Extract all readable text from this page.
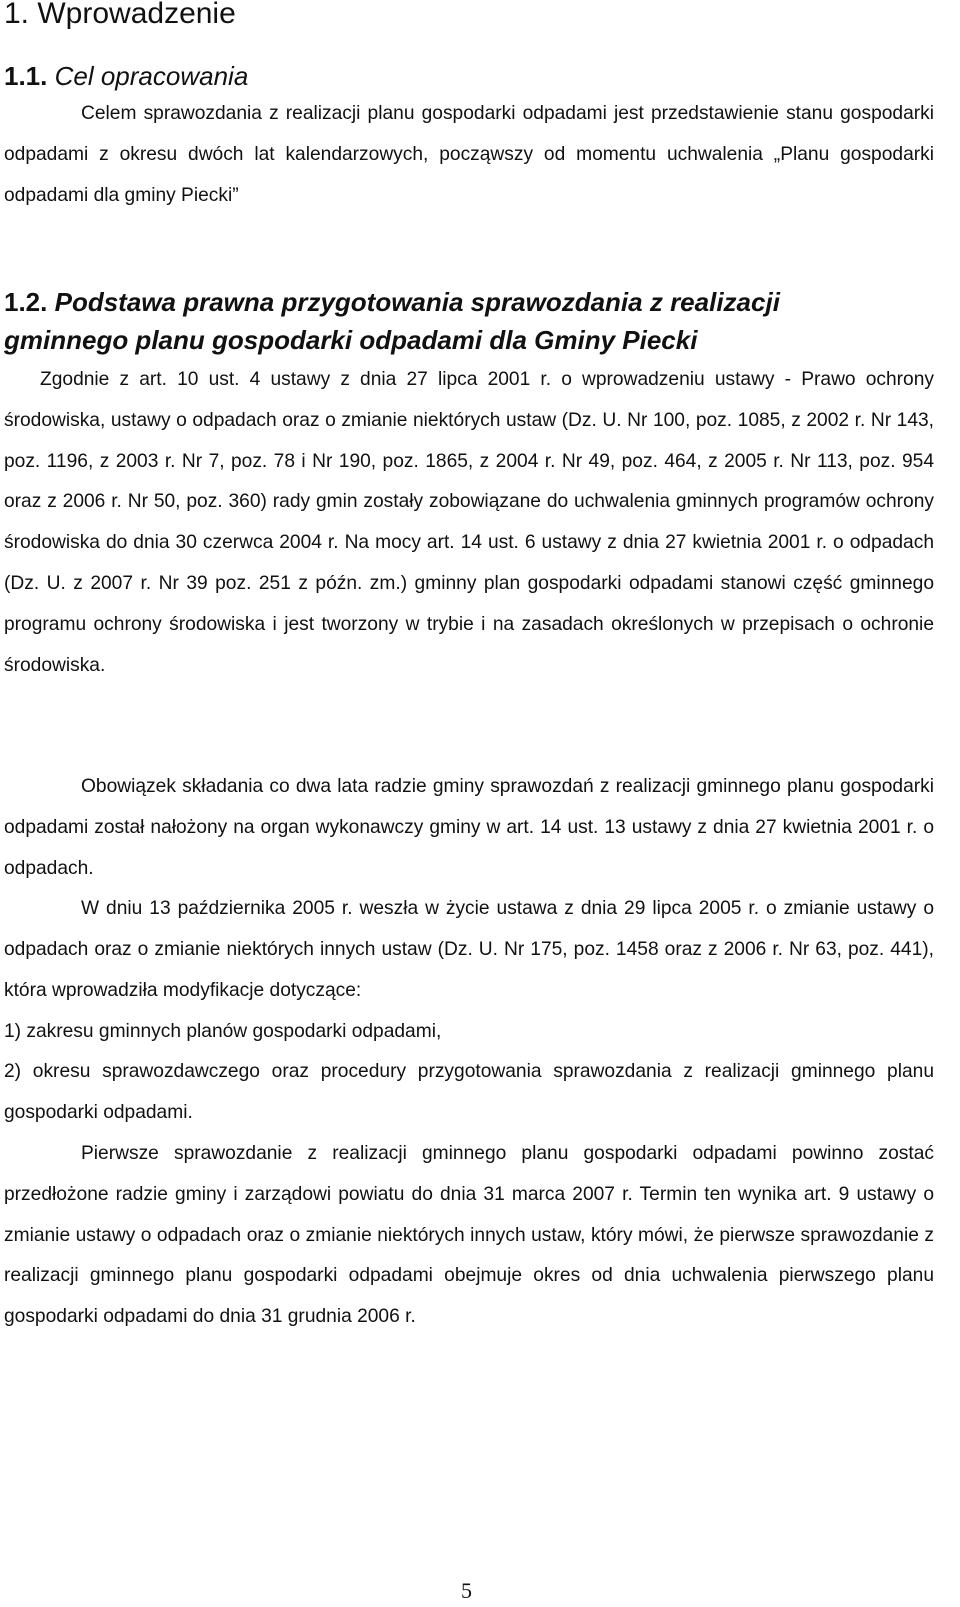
1. Wprowadzenie
1.1. Cel opracowania

Celem sprawozdania z realizacji planu gospodarki odpadami jest przedstawienie stanu gospodarki odpadami z okresu dwóch lat kalendarzowych, począwszy od momentu uchwalenia „Planu gospodarki odpadami dla gminy Piecki”

1.2. Podstawa prawna przygotowania sprawozdania z realizacji
gminnego planu gospodarki odpadami dla Gminy Piecki

Zgodnie z art. 10 ust. 4 ustawy z dnia 27 lipca 2001 r. o wprowadzeniu ustawy - Prawo ochrony środowiska, ustawy o odpadach oraz o zmianie niektórych ustaw (Dz. U. Nr 100, poz. 1085, z 2002 r. Nr 143, poz. 1196, z 2003 r. Nr 7, poz. 78 i Nr 190, poz. 1865, z 2004 r. Nr 49, poz. 464, z 2005 r. Nr 113, poz. 954 oraz z 2006 r. Nr 50, poz. 360) rady gmin zostały zobowiązane do uchwalenia gminnych programów ochrony środowiska do dnia 30 czerwca 2004 r. Na mocy art. 14 ust. 6 ustawy z dnia 27 kwietnia 2001 r. o odpadach (Dz. U. z 2007 r. Nr 39 poz. 251 z późn. zm.) gminny plan gospodarki odpadami stanowi część gminnego programu ochrony środowiska i jest tworzony w trybie i na zasadach określonych w przepisach o ochronie środowiska.

Obowiązek składania co dwa lata radzie gminy sprawozdań z realizacji gminnego planu gospodarki odpadami został nałożony na organ wykonawczy gminy w art. 14 ust. 13 ustawy z dnia 27 kwietnia 2001 r. o odpadach.

W dniu 13 października 2005 r. weszła w życie ustawa z dnia 29 lipca 2005 r. o zmianie ustawy o odpadach oraz o zmianie niektórych innych ustaw (Dz. U. Nr 175, poz. 1458 oraz z 2006 r. Nr 63, poz. 441), która wprowadziła modyfikacje dotyczące:

1) zakresu gminnych planów gospodarki odpadami,

2) okresu sprawozdawczego oraz procedury przygotowania sprawozdania z realizacji gminnego planu gospodarki odpadami.

Pierwsze sprawozdanie z realizacji gminnego planu gospodarki odpadami powinno zostać przedłożone radzie gminy i zarządowi powiatu do dnia 31 marca 2007 r. Termin ten wynika art. 9 ustawy o zmianie ustawy o odpadach oraz o zmianie niektórych innych ustaw, który mówi, że pierwsze sprawozdanie z realizacji gminnego planu gospodarki odpadami obejmuje okres od dnia uchwalenia pierwszego planu gospodarki odpadami do dnia 31 grudnia 2006 r.

5
